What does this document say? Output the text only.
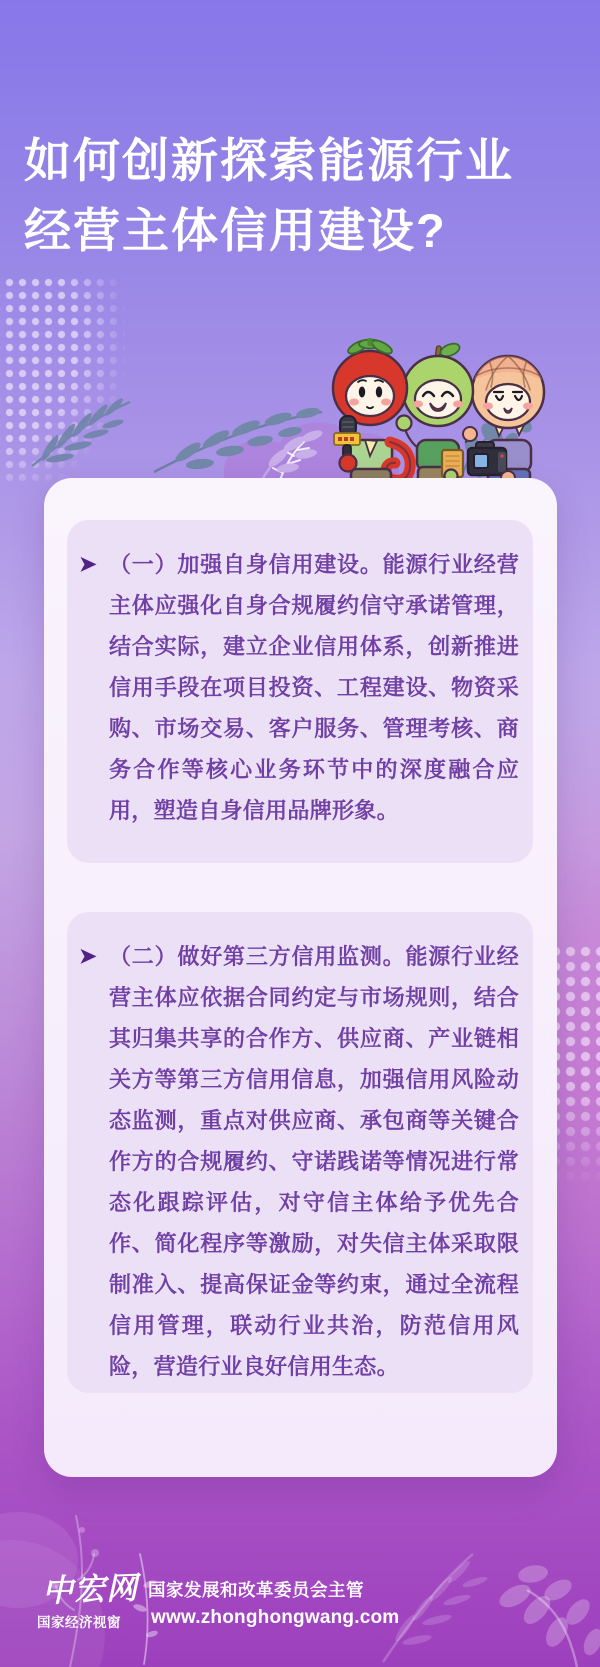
如何创新探索能源行业
经营主体信用建设?
➤ （一）加强自身信用建设。能源行业经营主体应强化自身合规履约信守承诺管理，结合实际，建立企业信用体系，创新推进信用手段在项目投资、工程建设、物资采购、市场交易、客户服务、管理考核、商务合作等核心业务环节中的深度融合应用，塑造自身信用品牌形象。

➤ （二）做好第三方信用监测。能源行业经营主体应依据合同约定与市场规则，结合其归集共享的合作方、供应商、产业链相关方等第三方信用信息，加强信用风险动态监测，重点对供应商、承包商等关键合作方的合规履约、守诺践诺等情况进行常态化跟踪评估，对守信主体给予优先合作、简化程序等激励，对失信主体采取限制准入、提高保证金等约束，通过全流程信用管理，联动行业共治，防范信用风险，营造行业良好信用生态。

中宏网
国家经济视窗
国家发展和改革委员会主管
www.zhonghongwang.com
